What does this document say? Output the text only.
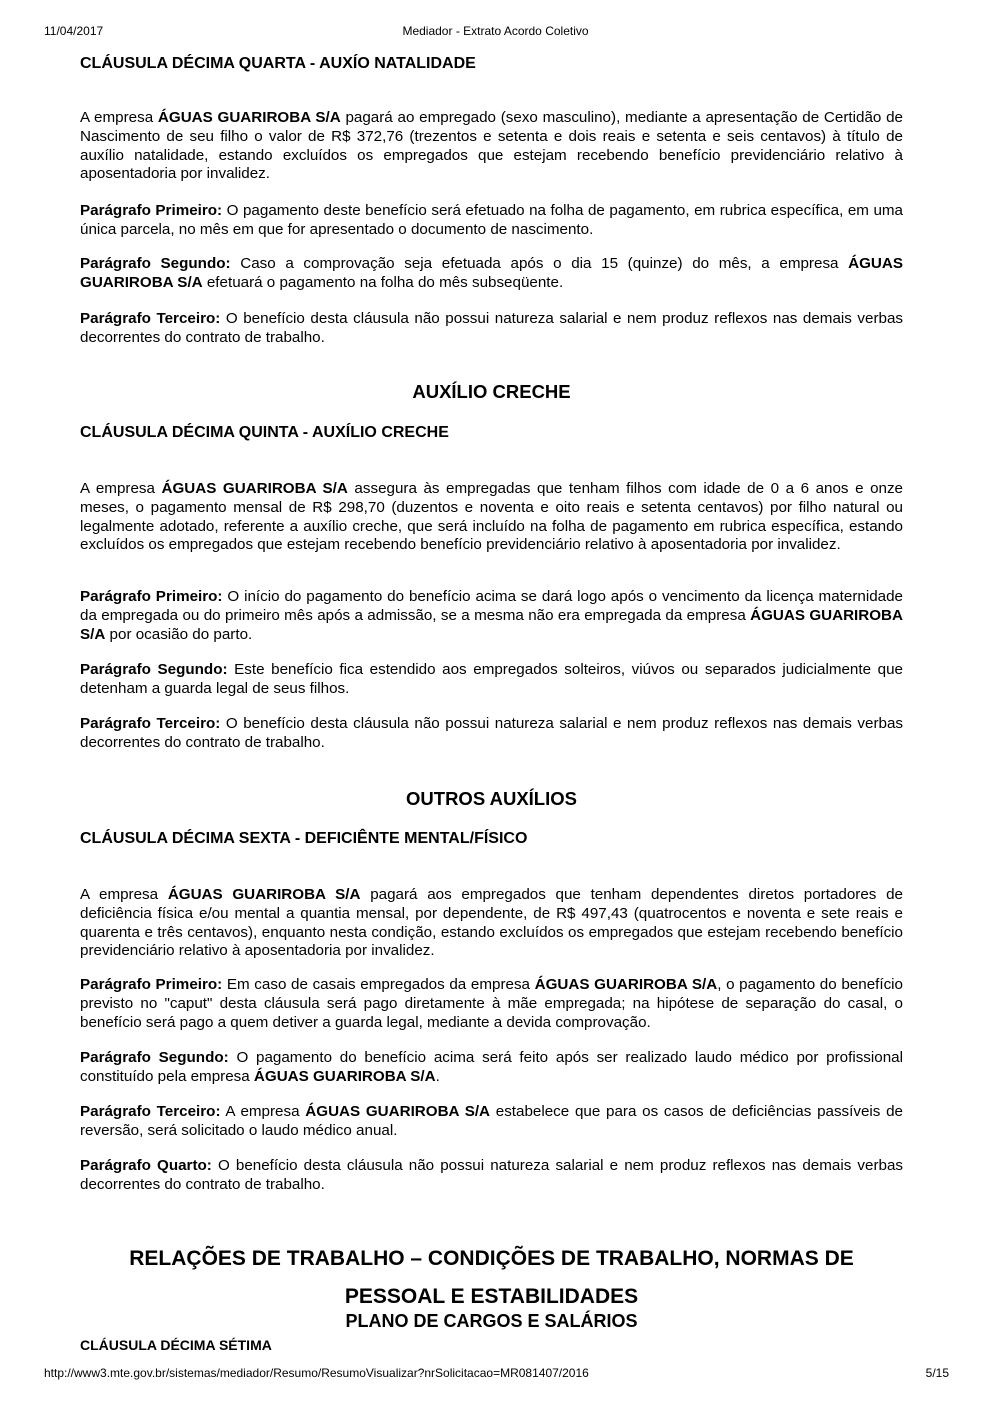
11/04/2017	Mediador - Extrato Acordo Coletivo
CLÁUSULA DÉCIMA QUARTA - AUXÍO NATALIDADE
A empresa ÁGUAS GUARIROBA S/A pagará ao empregado (sexo masculino), mediante a apresentação de Certidão de Nascimento de seu filho o valor de R$ 372,76 (trezentos e setenta e dois reais e setenta e seis centavos) à título de auxílio natalidade, estando excluídos os empregados que estejam recebendo benefício previdenciário relativo à aposentadoria por invalidez.
Parágrafo Primeiro: O pagamento deste benefício será efetuado na folha de pagamento, em rubrica específica, em uma única parcela, no mês em que for apresentado o documento de nascimento.
Parágrafo Segundo: Caso a comprovação seja efetuada após o dia 15 (quinze) do mês, a empresa ÁGUAS GUARIROBA S/A efetuará o pagamento na folha do mês subseqüente.
Parágrafo Terceiro: O benefício desta cláusula não possui natureza salarial e nem produz reflexos nas demais verbas decorrentes do contrato de trabalho.
AUXÍLIO CRECHE
CLÁUSULA DÉCIMA QUINTA - AUXÍLIO CRECHE
A empresa ÁGUAS GUARIROBA S/A assegura às empregadas que tenham filhos com idade de 0 a 6 anos e onze meses, o pagamento mensal de R$ 298,70 (duzentos e noventa e oito reais e setenta centavos) por filho natural ou legalmente adotado, referente a auxílio creche, que será incluído na folha de pagamento em rubrica específica, estando excluídos os empregados que estejam recebendo benefício previdenciário relativo à aposentadoria por invalidez.
Parágrafo Primeiro: O início do pagamento do benefício acima se dará logo após o vencimento da licença maternidade da empregada ou do primeiro mês após a admissão, se a mesma não era empregada da empresa ÁGUAS GUARIROBA S/A por ocasião do parto.
Parágrafo Segundo: Este benefício fica estendido aos empregados solteiros, viúvos ou separados judicialmente que detenham a guarda legal de seus filhos.
Parágrafo Terceiro: O benefício desta cláusula não possui natureza salarial e nem produz reflexos nas demais verbas decorrentes do contrato de trabalho.
OUTROS AUXÍLIOS
CLÁUSULA DÉCIMA SEXTA - DEFICIÊNTE MENTAL/FÍSICO
A empresa ÁGUAS GUARIROBA S/A pagará aos empregados que tenham dependentes diretos portadores de deficiência física e/ou mental a quantia mensal, por dependente, de R$ 497,43 (quatrocentos e noventa e sete reais e quarenta e três centavos), enquanto nesta condição, estando excluídos os empregados que estejam recebendo benefício previdenciário relativo à aposentadoria por invalidez.
Parágrafo Primeiro: Em caso de casais empregados da empresa ÁGUAS GUARIROBA S/A, o pagamento do benefício previsto no "caput" desta cláusula será pago diretamente à mãe empregada; na hipótese de separação do casal, o benefício será pago a quem detiver a guarda legal, mediante a devida comprovação.
Parágrafo Segundo: O pagamento do benefício acima será feito após ser realizado laudo médico por profissional constituído pela empresa ÁGUAS GUARIROBA S/A.
Parágrafo Terceiro: A empresa ÁGUAS GUARIROBA S/A estabelece que para os casos de deficiências passíveis de reversão, será solicitado o laudo médico anual.
Parágrafo Quarto: O benefício desta cláusula não possui natureza salarial e nem produz reflexos nas demais verbas decorrentes do contrato de trabalho.
RELAÇÕES DE TRABALHO – CONDIÇÕES DE TRABALHO, NORMAS DE
PESSOAL E ESTABILIDADES
PLANO DE CARGOS E SALÁRIOS
CLÁUSULA DÉCIMA SÉTIMA
http://www3.mte.gov.br/sistemas/mediador/Resumo/ResumoVisualizar?nrSolicitacao=MR081407/2016	5/15
